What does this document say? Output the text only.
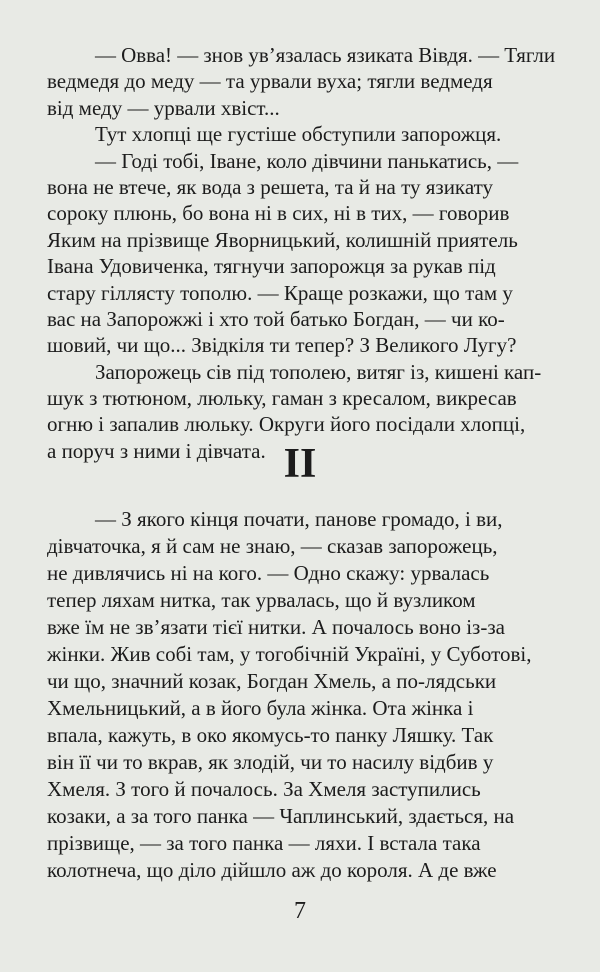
— Овва! — знов ув’язалась язиката Вівдя. — Тягли
ведмедя до меду — та урвали вуха; тягли ведмедя
від меду — урвали хвіст...
Тут хлопці ще густіше обступили запорожця.
— Годі тобі, Іване, коло дівчини панькатись, —
вона не втече, як вода з решета, та й на ту язикату
сороку плюнь, бо вона ні в сих, ні в тих, — говорив
Яким на прізвище Яворницький, колишній приятель
Івана Удовиченка, тягнучи запорожця за рукав під
стару гіллясту тополю. — Краще розкажи, що там у
вас на Запорожжі і хто той батько Богдан, — чи ко-
шовий, чи що... Звідкіля ти тепер? З Великого Лугу?
Запорожець сів під тополею, витяг із, кишені кап-
шук з тютюном, люльку, гаман з кресалом, викресав
огню і запалив люльку. Округи його посідали хлопці,
а поруч з ними і дівчата. II
— З якого кінця почати, панове громадо, і ви,
дівчаточка, я й сам не знаю, — сказав запорожець,
не дивлячись ні на кого. — Одно скажу: урвалась
тепер ляхам нитка, так урвалась, що й вузликом
вже їм не зв’язати тієї нитки. А почалось воно із-за
жінки. Жив собі там, у тогобічній Україні, у Суботові,
чи що, значний козак, Богдан Хмель, а по-лядськи
Хмельницький, а в його була жінка. Ота жінка і
впала, кажуть, в око якомусь-то панку Ляшку. Так
він її чи то вкрав, як злодій, чи то насилу відбив у
Хмеля. З того й почалось. За Хмеля заступились
козаки, а за того панка — Чаплинський, здається, на
прізвище, — за того панка — ляхи. І встала така
колотнеча, що діло дійшло аж до короля. А де вже
7
